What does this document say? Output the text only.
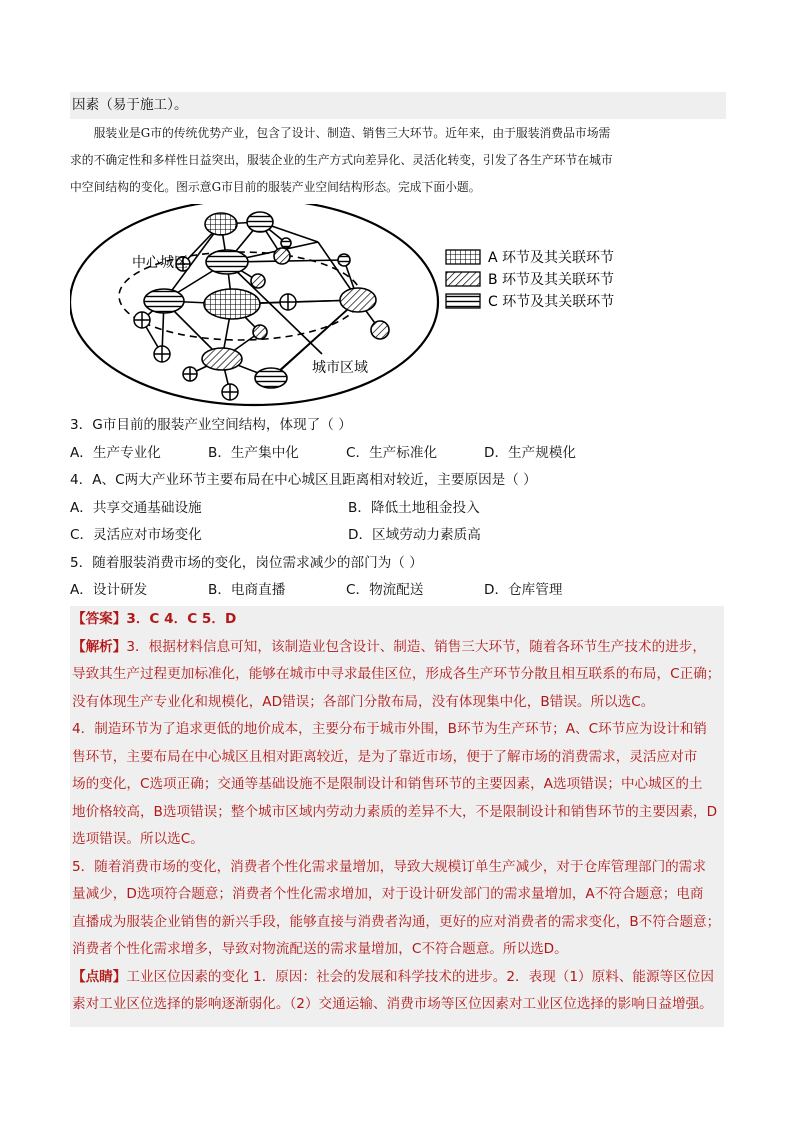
因素（易于施工）。

服装业是G市的传统优势产业，包含了设计、制造、销售三大环节。近年来，由于服装消费品市场需

求的不确定性和多样性日益突出，服装企业的生产方式向差异化、灵活化转变，引发了各生产环节在城市

中空间结构的变化。图示意G市目前的服装产业空间结构形态。完成下面小题。

中心城区
城市区域
A 环节及其关联环节
B 环节及其关联环节
C 环节及其关联环节
3．G市目前的服装产业空间结构，体现了（ ）
A．生产专业化	B．生产集中化	C．生产标准化	D．生产规模化
4．A、C两大产业环节主要布局在中心城区且距离相对较近，主要原因是（ ）
A．共享交通基础设施	B．降低土地租金投入
C．灵活应对市场变化	D．区域劳动力素质高
5．随着服装消费市场的变化，岗位需求减少的部门为（ ）
A．设计研发	B．电商直播	C．物流配送	D．仓库管理
【答案】3．C 4．C 5．D
【解析】3．根据材料信息可知，该制造业包含设计、制造、销售三大环节，随着各环节生产技术的进步，
导致其生产过程更加标准化，能够在城市中寻求最佳区位，形成各生产环节分散且相互联系的布局，C正确；
没有体现生产专业化和规模化，AD错误；各部门分散布局，没有体现集中化，B错误。所以选C。
4．制造环节为了追求更低的地价成本，主要分布于城市外围，B环节为生产环节；A、C环节应为设计和销
售环节，主要布局在中心城区且相对距离较近，是为了靠近市场，便于了解市场的消费需求，灵活应对市
场的变化，C选项正确；交通等基础设施不是限制设计和销售环节的主要因素，A选项错误；中心城区的土
地价格较高，B选项错误；整个城市区域内劳动力素质的差异不大，不是限制设计和销售环节的主要因素，D
选项错误。所以选C。
5．随着消费市场的变化，消费者个性化需求量增加，导致大规模订单生产减少，对于仓库管理部门的需求
量减少，D选项符合题意；消费者个性化需求增加，对于设计研发部门的需求量增加，A不符合题意；电商
直播成为服装企业销售的新兴手段，能够直接与消费者沟通，更好的应对消费者的需求变化，B不符合题意；
消费者个性化需求增多，导致对物流配送的需求量增加，C不符合题意。所以选D。
【点睛】工业区位因素的变化 1．原因：社会的发展和科学技术的进步。2．表现（1）原料、能源等区位因
素对工业区位选择的影响逐渐弱化。（2）交通运输、消费市场等区位因素对工业区位选择的影响日益增强。
